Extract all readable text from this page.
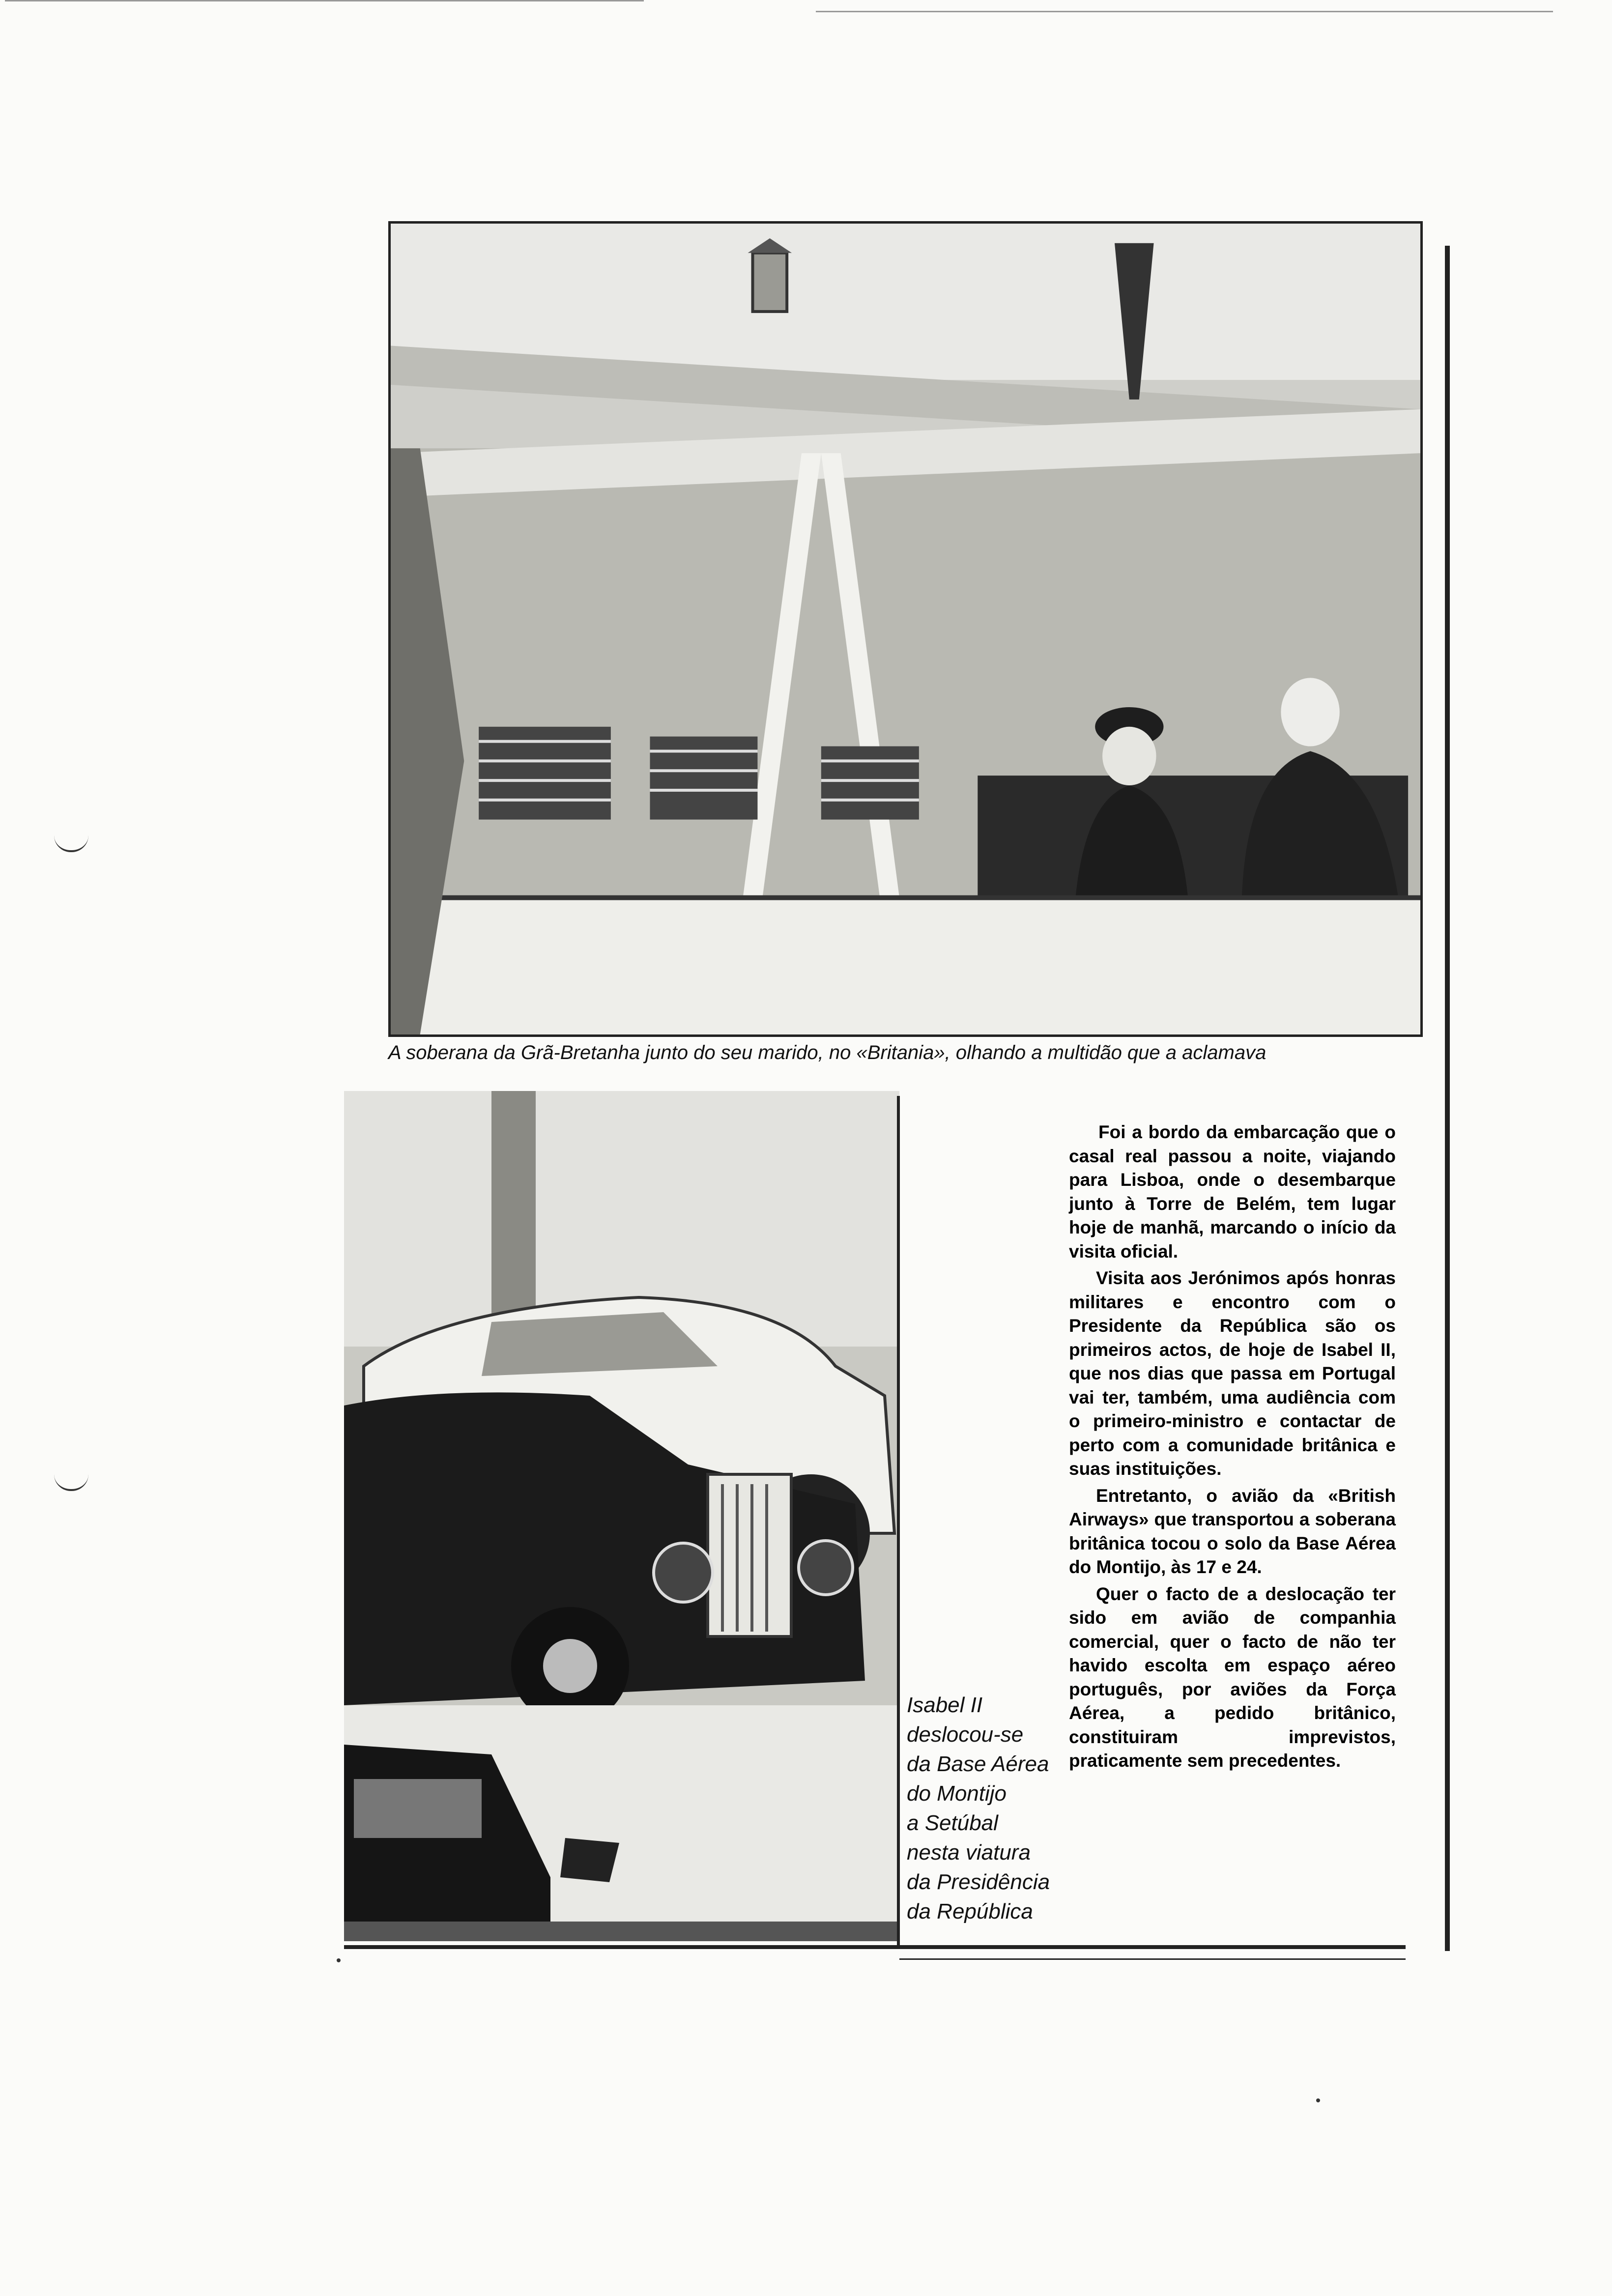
A soberana da Grã-Bretanha junto do seu marido, no «Britania», olhando a multidão que a aclamava
Isabel II
deslocou-se
da Base Aérea
do Montijo
a Setúbal
nesta viatura
da Presidência
da República

Foi a bordo da embarcação que o casal real passou a noite, viajando para Lisboa, onde o desembarque junto à Torre de Belém, tem lugar hoje de manhã, marcando o início da visita oficial.

Visita aos Jerónimos após honras militares e encontro com o Presidente da República são os primeiros actos, de hoje de Isabel II, que nos dias que passa em Portugal vai ter, também, uma audiência com o primeiro-ministro e contactar de perto com a comunidade britânica e suas instituições.

Entretanto, o avião da «British Airways» que transportou a soberana britânica tocou o solo da Base Aérea do Montijo, às 17 e 24.

Quer o facto de a deslocação ter sido em avião de companhia comercial, quer o facto de não ter havido escolta em espaço aéreo português, por aviões da Força Aérea, a pedido britânico, constituiram imprevistos, praticamente sem precedentes.
